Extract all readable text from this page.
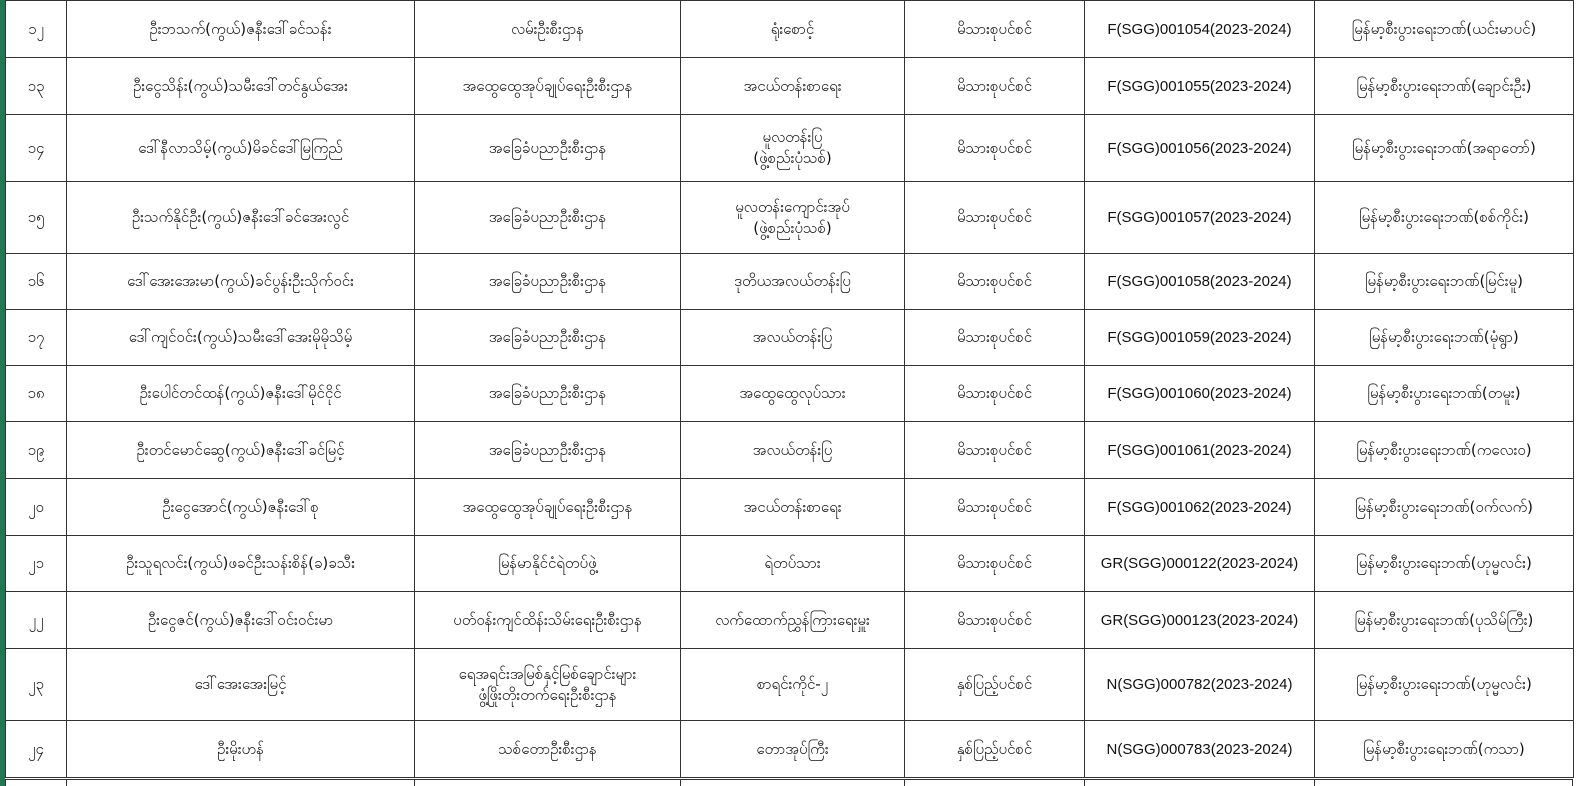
၁၂	ဦးဘသက်(ကွယ်)ဇနီးဒေါ်ခင်သန်း	လမ်းဦးစီးဌာန	ရုံးစောင့်	မိသားစုပင်စင်	F(SGG)001054(2023-2024)	မြန်မာ့စီးပွားရေးဘဏ်(ယင်းမာပင်)
၁၃	ဦးငွေသိန်း(ကွယ်)သမီးဒေါ်တင်နွယ်အေး	အထွေထွေအုပ်ချုပ်ရေးဦးစီးဌာန	အငယ်တန်းစာရေး	မိသားစုပင်စင်	F(SGG)001055(2023-2024)	မြန်မာ့စီးပွားရေးဘဏ်(ချောင်းဦး)
၁၄	ဒေါ်နီလာသိမ့်(ကွယ်)မိခင်ဒေါ်မြကြည်	အခြေခံပညာဦးစီးဌာန	မူလတန်းပြ
(ဖွဲ့စည်းပုံသစ်)	မိသားစုပင်စင်	F(SGG)001056(2023-2024)	မြန်မာ့စီးပွားရေးဘဏ်(အရာတော်)
၁၅	ဦးသက်နိုင်ဦး(ကွယ်)ဇနီးဒေါ်ခင်အေးလွင်	အခြေခံပညာဦးစီးဌာန	မူလတန်းကျောင်းအုပ်
(ဖွဲ့စည်းပုံသစ်)	မိသားစုပင်စင်	F(SGG)001057(2023-2024)	မြန်မာ့စီးပွားရေးဘဏ်(စစ်ကိုင်း)
၁၆	ဒေါ်အေးအေးမာ(ကွယ်)ခင်ပွန်းဦးသိုက်ဝင်း	အခြေခံပညာဦးစီးဌာန	ဒုတိယအလယ်တန်းပြ	မိသားစုပင်စင်	F(SGG)001058(2023-2024)	မြန်မာ့စီးပွားရေးဘဏ်(မြင်းမူ)
၁၇	ဒေါ်ကျင်ဝင်း(ကွယ်)သမီးဒေါ်အေးမိုမိုသိမ့်	အခြေခံပညာဦးစီးဌာန	အလယ်တန်းပြ	မိသားစုပင်စင်	F(SGG)001059(2023-2024)	မြန်မာ့စီးပွားရေးဘဏ်(မုံရွာ)
၁၈	ဦးပေါင်တင်ထန်(ကွယ်)ဇနီးဒေါ်မိုင်ငိုင်	အခြေခံပညာဦးစီးဌာန	အထွေထွေလုပ်သား	မိသားစုပင်စင်	F(SGG)001060(2023-2024)	မြန်မာ့စီးပွားရေးဘဏ်(တမူး)
၁၉	ဦးတင်မောင်ဆွေ(ကွယ်)ဇနီးဒေါ်ခင်မြင့်	အခြေခံပညာဦးစီးဌာန	အလယ်တန်းပြ	မိသားစုပင်စင်	F(SGG)001061(2023-2024)	မြန်မာ့စီးပွားရေးဘဏ်(ကလေးဝ)
၂၀	ဦးငွေအောင်(ကွယ်)ဇနီးဒေါ်စု	အထွေထွေအုပ်ချုပ်ရေးဦးစီးဌာန	အငယ်တန်းစာရေး	မိသားစုပင်စင်	F(SGG)001062(2023-2024)	မြန်မာ့စီးပွားရေးဘဏ်(ဝက်လက်)
၂၁	ဦးသူရလင်း(ကွယ်)ဖခင်ဦးသန်းစိန်(ခ)ခသီး	မြန်မာနိုင်ငံရဲတပ်ဖွဲ့	ရဲတပ်သား	မိသားစုပင်စင်	GR(SGG)000122(2023-2024)	မြန်မာ့စီးပွားရေးဘဏ်(ဟုမ္မလင်း)
၂၂	ဦးငွေဇင်(ကွယ်)ဇနီးဒေါ်ဝင်းဝင်းမာ	ပတ်ဝန်းကျင်ထိန်းသိမ်းရေးဦးစီးဌာန	လက်ထောက်ညွှန်ကြားရေးမှူး	မိသားစုပင်စင်	GR(SGG)000123(2023-2024)	မြန်မာ့စီးပွားရေးဘဏ်(ပုသိမ်ကြီး)
၂၃	ဒေါ်အေးအေးမြင့်	ရေအရင်းအမြစ်နှင့်မြစ်ချောင်းများ
ဖွံ့ဖြိုးတိုးတက်ရေးဦးစီးဌာန	စာရင်းကိုင်-၂	နှစ်ပြည့်ပင်စင်	N(SGG)000782(2023-2024)	မြန်မာ့စီးပွားရေးဘဏ်(ဟုမ္မလင်း)
၂၄	ဦးမိုးဟန်	သစ်တောဦးစီးဌာန	တောအုပ်ကြီး	နှစ်ပြည့်ပင်စင်	N(SGG)000783(2023-2024)	မြန်မာ့စီးပွားရေးဘဏ်(ကသာ)
